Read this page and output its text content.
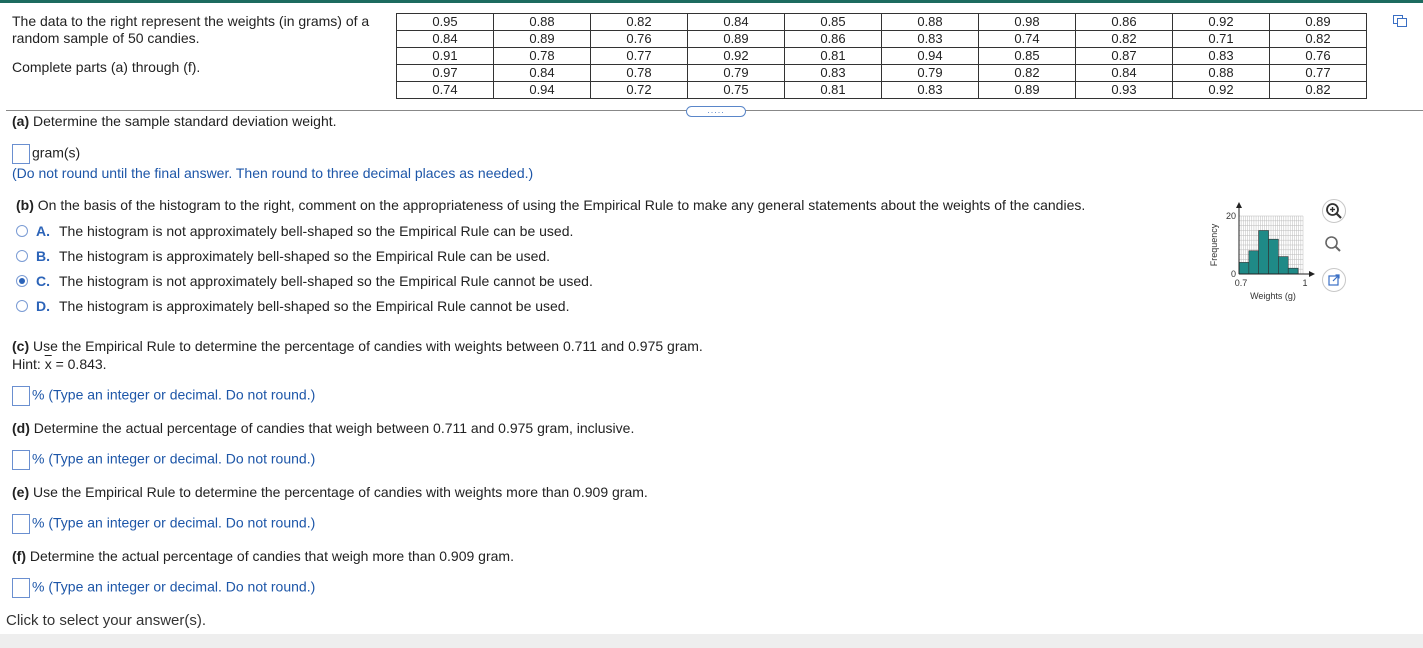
The data to the right represent the weights (in grams) of a random sample of 50 candies.

Complete parts (a) through (f).

0.95	0.88	0.82	0.84	0.85	0.88	0.98	0.86	0.92	0.89
0.84	0.89	0.76	0.89	0.86	0.83	0.74	0.82	0.71	0.82
0.91	0.78	0.77	0.92	0.81	0.94	0.85	0.87	0.83	0.76
0.97	0.84	0.78	0.79	0.83	0.79	0.82	0.84	0.88	0.77
0.74	0.94	0.72	0.75	0.81	0.83	0.89	0.93	0.92	0.82
.....
(a) Determine the sample standard deviation weight.
gram(s)
(Do not round until the final answer. Then round to three decimal places as needed.)
(b) On the basis of the histogram to the right, comment on the appropriateness of using the Empirical Rule to make any general statements about the weights of the candies.
A. The histogram is not approximately bell-shaped so the Empirical Rule can be used.
B. The histogram is approximately bell-shaped so the Empirical Rule can be used.
C. The histogram is not approximately bell-shaped so the Empirical Rule cannot be used.
D. The histogram is approximately bell-shaped so the Empirical Rule cannot be used.
20
0
0.7	1
Weights (g)
Frequency
(c) Use the Empirical Rule to determine the percentage of candies with weights between 0.711 and 0.975 gram.
Hint: $\overline{x} = 0.843$.
% (Type an integer or decimal. Do not round.)
(d) Determine the actual percentage of candies that weigh between 0.711 and 0.975 gram, inclusive.
% (Type an integer or decimal. Do not round.)
(e) Use the Empirical Rule to determine the percentage of candies with weights more than 0.909 gram.
% (Type an integer or decimal. Do not round.)
(f) Determine the actual percentage of candies that weigh more than 0.909 gram.
% (Type an integer or decimal. Do not round.)
Click to select your answer(s).
